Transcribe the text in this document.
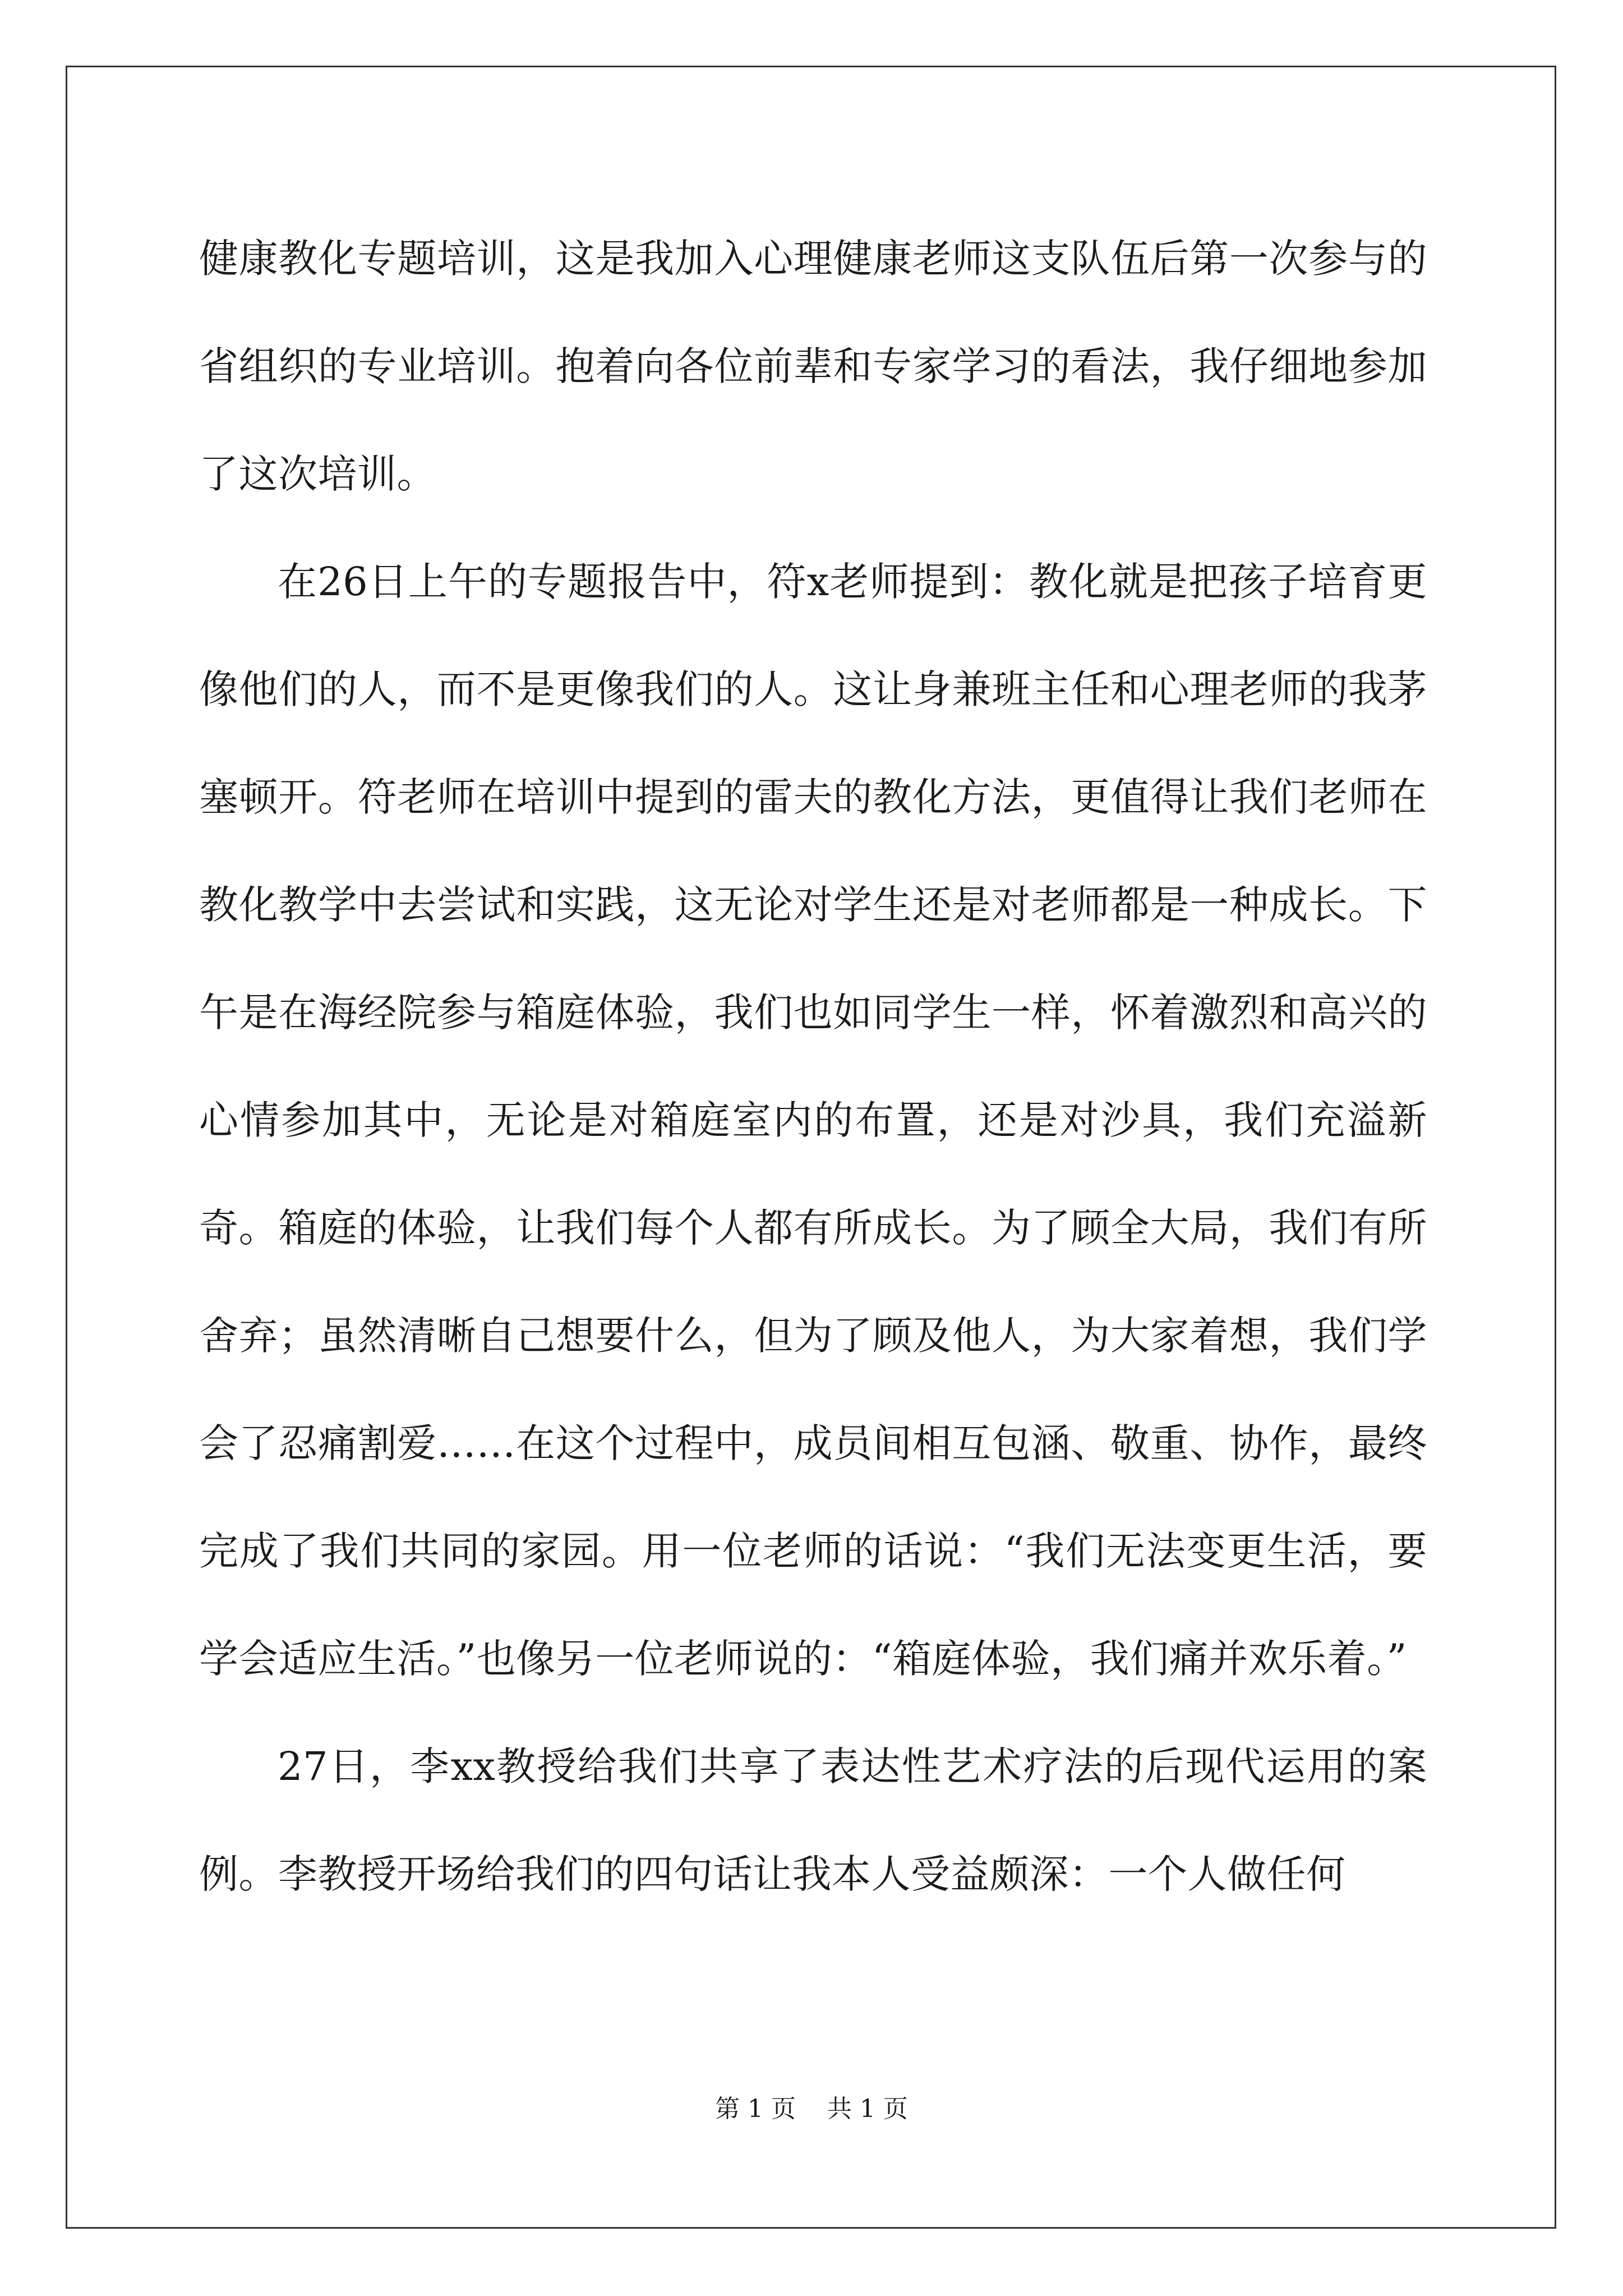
健康教化专题培训，这是我加入心理健康老师这支队伍后第一次参与的省组织的专业培训。抱着向各位前辈和专家学习的看法，我仔细地参加了这次培训。

在26日上午的专题报告中，符x老师提到：教化就是把孩子培育更像他们的人，而不是更像我们的人。这让身兼班主任和心理老师的我茅塞顿开。符老师在培训中提到的雷夫的教化方法，更值得让我们老师在教化教学中去尝试和实践，这无论对学生还是对老师都是一种成长。下午是在海经院参与箱庭体验，我们也如同学生一样，怀着激烈和高兴的心情参加其中，无论是对箱庭室内的布置，还是对沙具，我们充溢新奇。箱庭的体验，让我们每个人都有所成长。为了顾全大局，我们有所舍弃；虽然清晰自己想要什么，但为了顾及他人，为大家着想，我们学会了忍痛割爱……在这个过程中，成员间相互包涵、敬重、协作，最终完成了我们共同的家园。用一位老师的话说：“我们无法变更生活，要学会适应生活。”也像另一位老师说的：“箱庭体验，我们痛并欢乐着。”

27日，李xx教授给我们共享了表达性艺术疗法的后现代运用的案例。李教授开场给我们的四句话让我本人受益颇深：一个人做任何

第 1 页 共 1 页
